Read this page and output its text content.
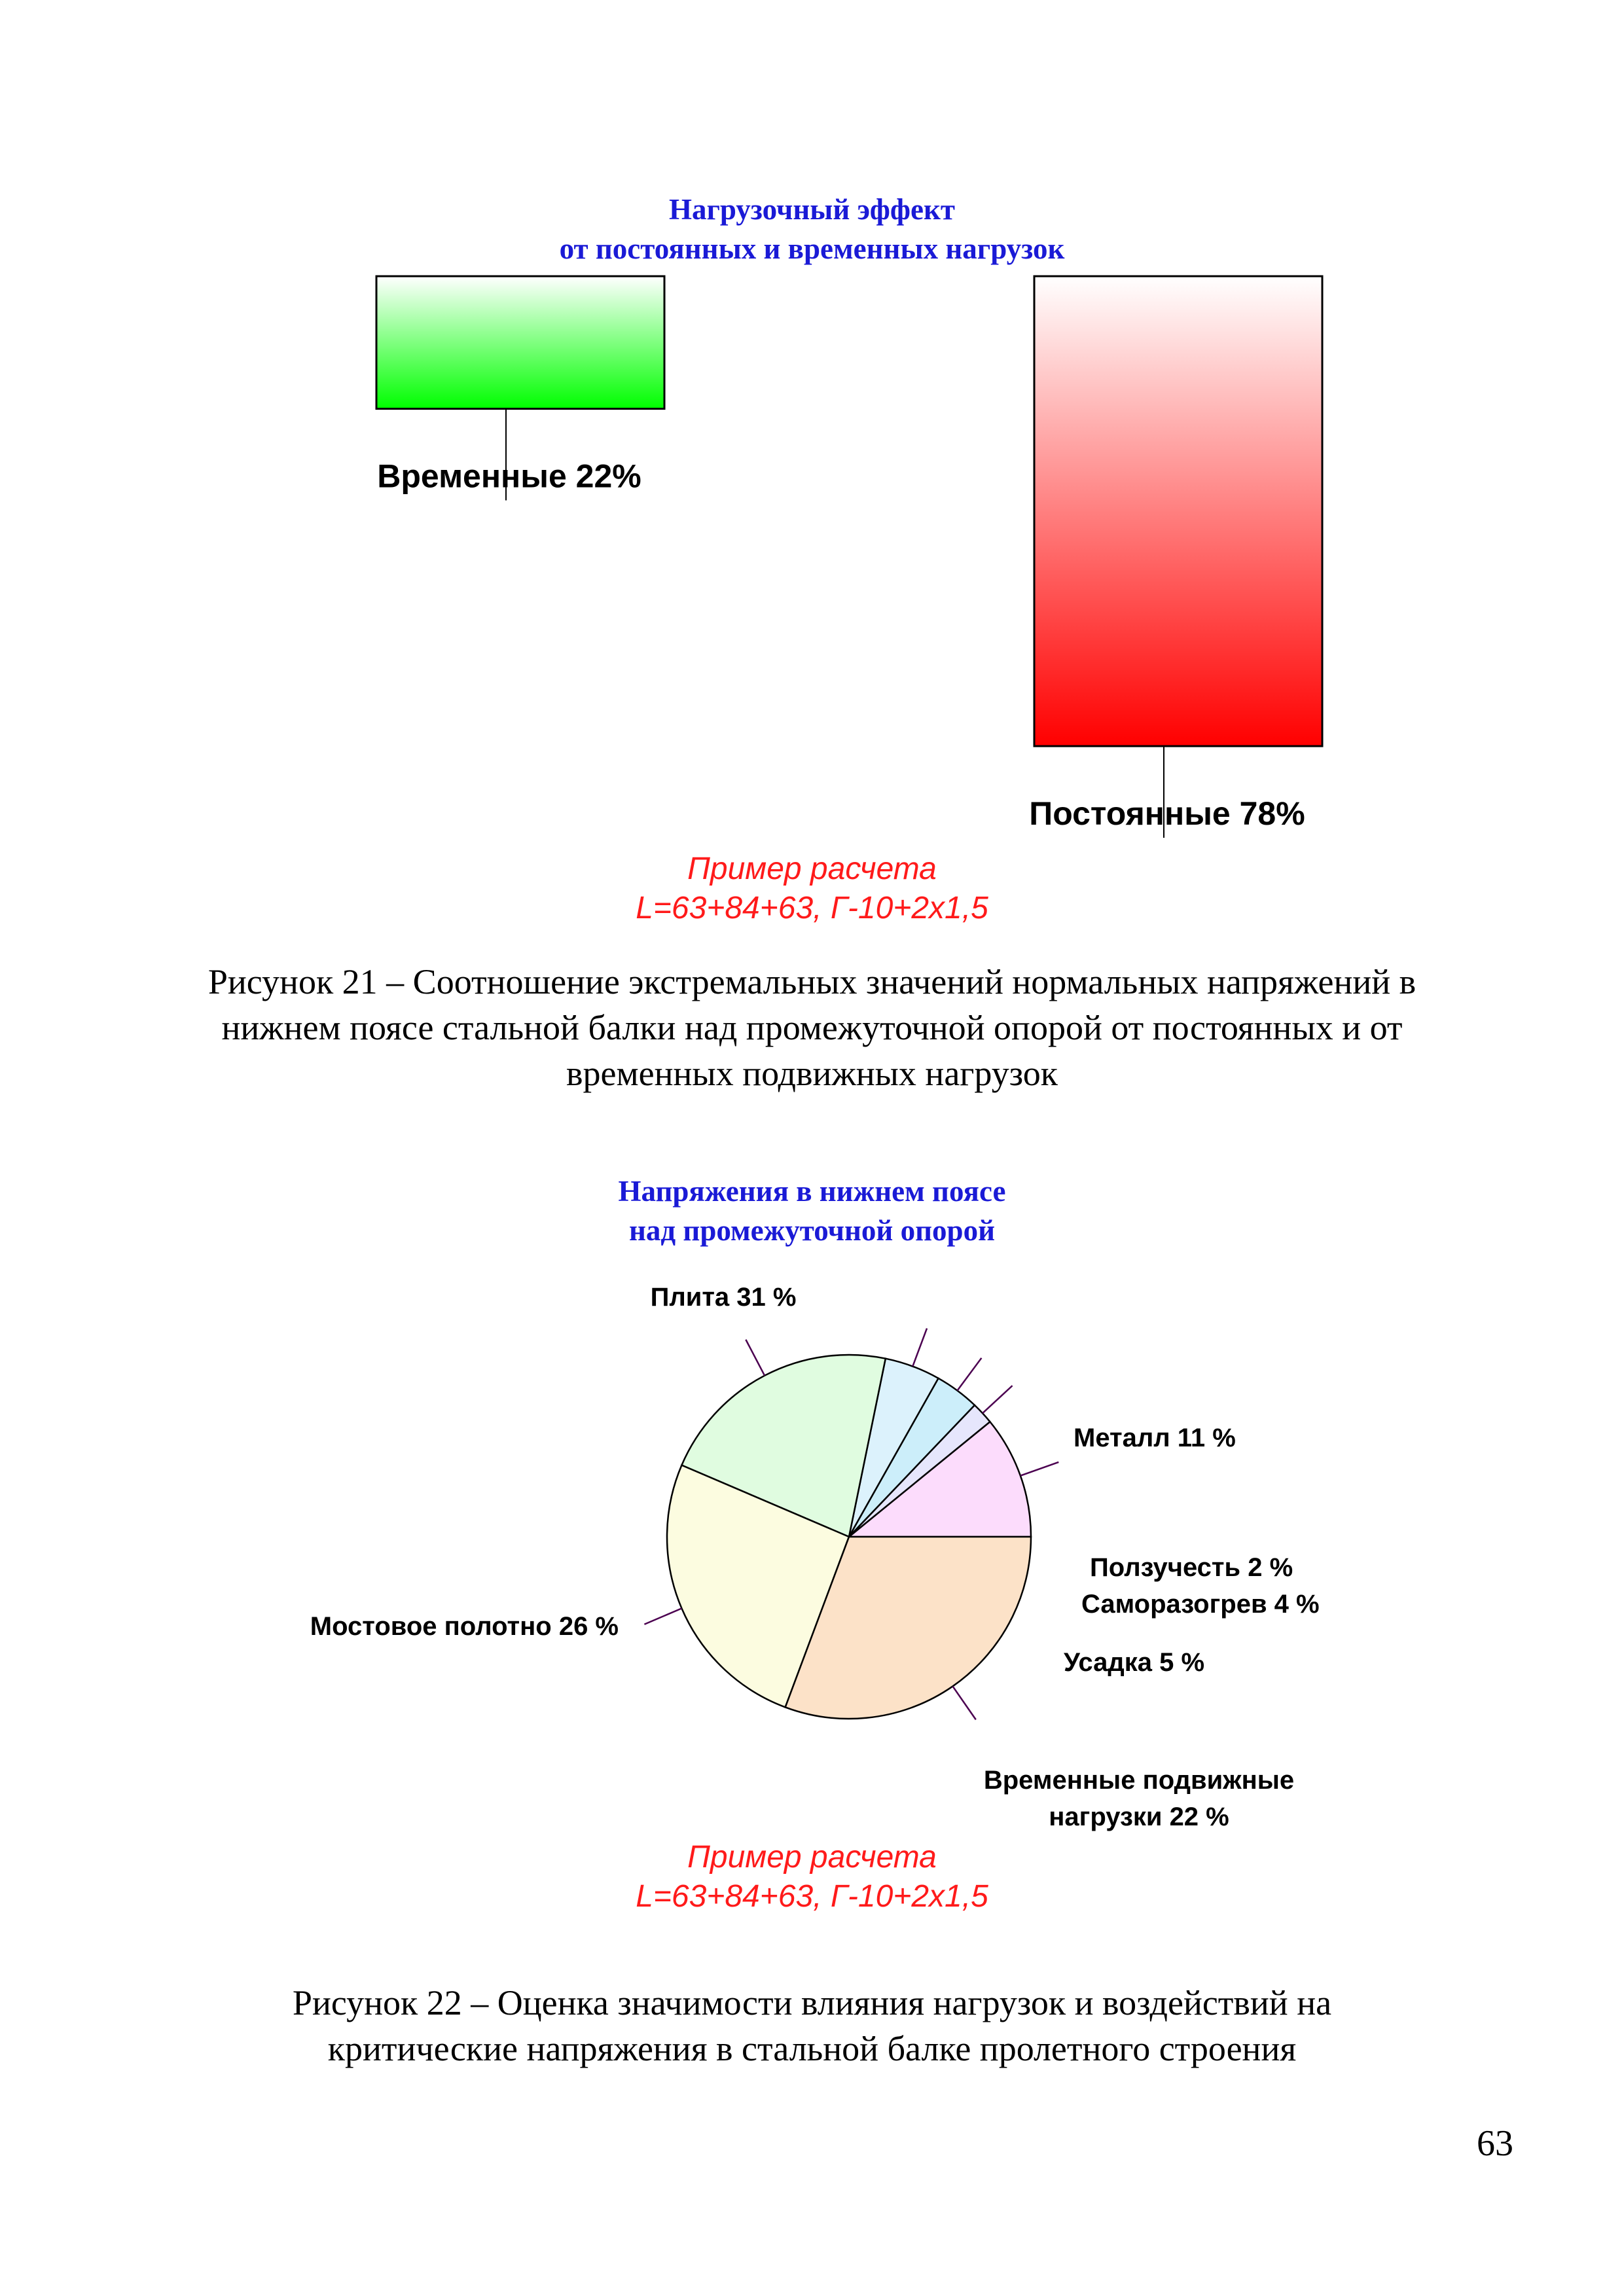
Нагрузочный эффект
от постоянных и временных нагрузок
Временные 22%
Постоянные 78%
Пример расчета
L=63+84+63, Г-10+2х1,5
Рисунок 21 – Соотношение экстремальных значений нормальных напряжений в
нижнем поясе стальной балки над промежуточной опорой от постоянных и от
временных подвижных нагрузок
Напряжения в нижнем поясе
над промежуточной опорой
Металл 11 %
Ползучесть 2 %
Саморазогрев 4 %
Усадка 5 %
Временные подвижные
нагрузки 22 %
Мостовое полотно 26 %
Плита 31 %
Пример расчета
L=63+84+63, Г-10+2х1,5
Рисунок 22 – Оценка значимости влияния нагрузок и воздействий на
критические напряжения в стальной балке пролетного строения
63
